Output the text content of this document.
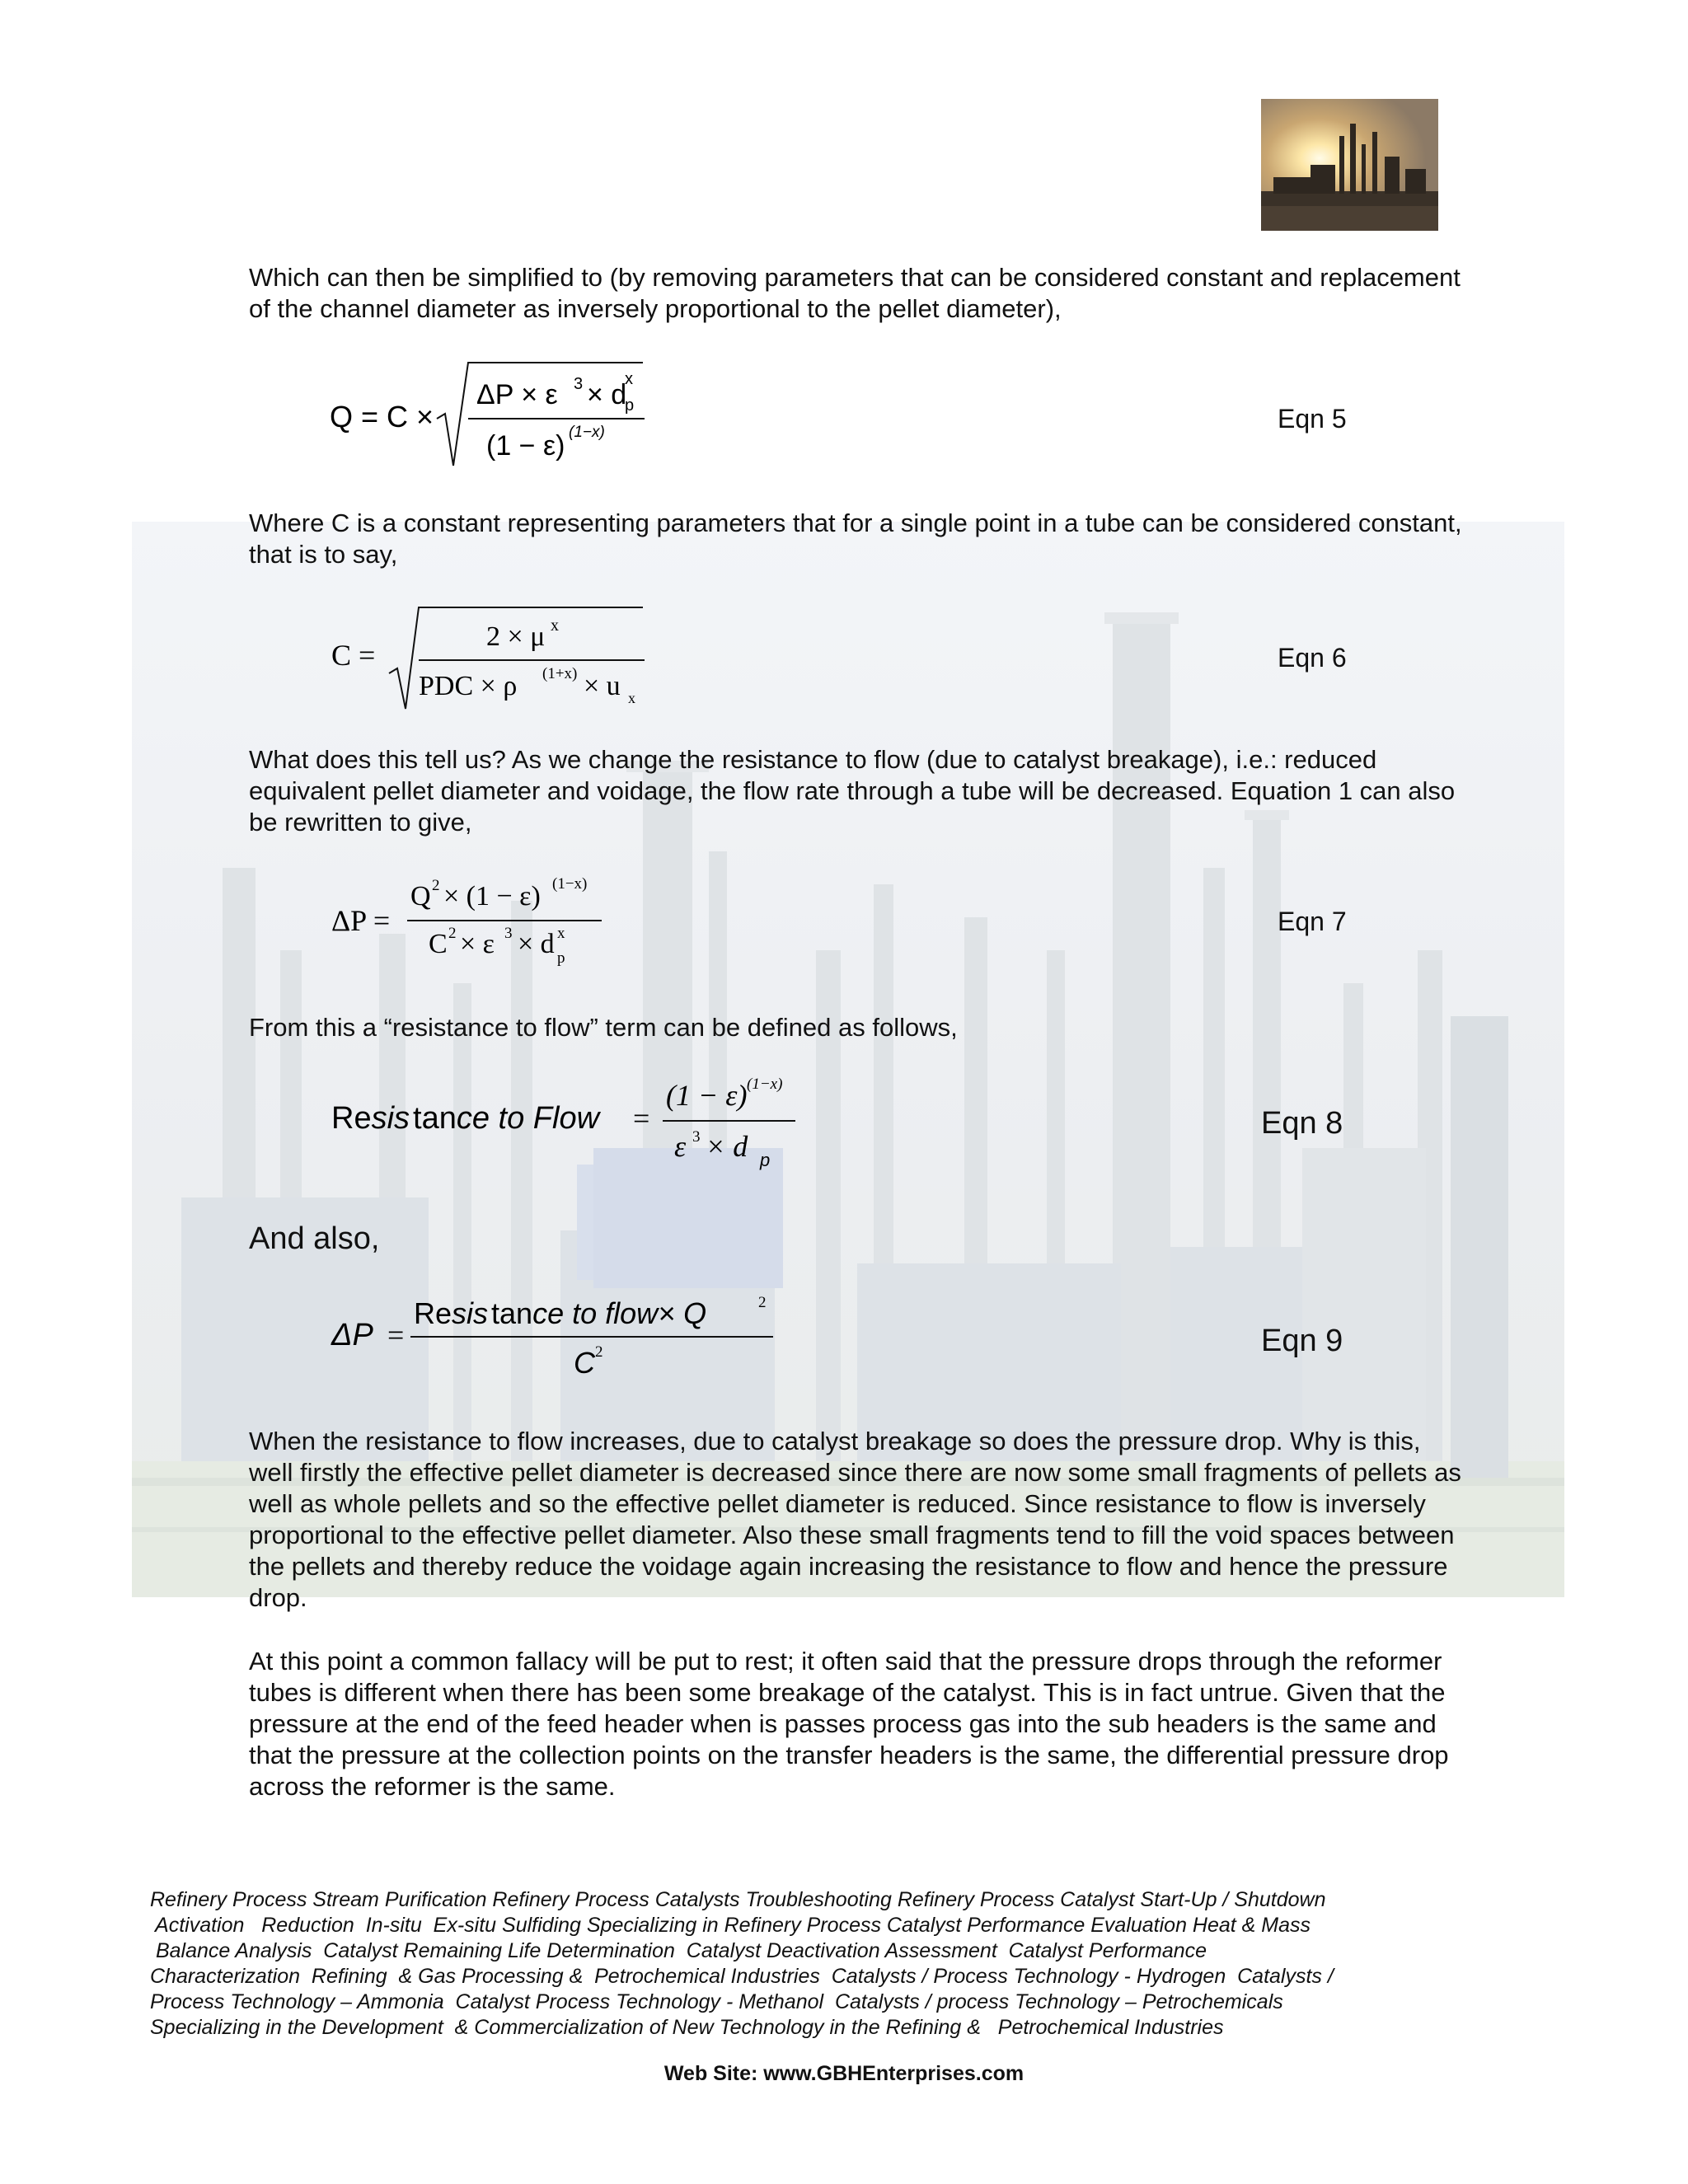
Which can then be simplified to (by removing parameters that can be considered constant and replacement of the channel diameter as inversely proportional to the pellet diameter),

Q = C ×
ΔP × ε 3 × d
x
p
(1 − ε) (1−x)	Eqn 5

Where C is a constant representing parameters that for a single point in a tube can be considered constant, that is to say,

C =
2 × μ x
PDC × ρ (1+x) × u x
Eqn 6

What does this tell us? As we change the resistance to flow (due to catalyst breakage), i.e.: reduced equivalent pellet diameter and voidage, the flow rate through a tube will be decreased. Equation 1 can also be rewritten to give,

ΔP =
Q 2 × (1 − ε) (1−x)
C 2 × ε 3 × d x
p
Eqn 7

From this a “resistance to flow” term can be defined as follows,

Resis tance to Flow =
(1 − ε) (1−x)
ε 3 × d p
Eqn 8

And also,

ΔP =
Resis tance to flow× Q	2
C 2	Eqn 9

When the resistance to flow increases, due to catalyst breakage so does the pressure drop. Why is this, well firstly the effective pellet diameter is decreased since there are now some small fragments of pellets as well as whole pellets and so the effective pellet diameter is reduced. Since resistance to flow is inversely proportional to the effective pellet diameter. Also these small fragments tend to fill the void spaces between the pellets and thereby reduce the voidage again increasing the resistance to flow and hence the pressure drop.

At this point a common fallacy will be put to rest; it often said that the pressure drops through the reformer tubes is different when there has been some breakage of the catalyst. This is in fact untrue. Given that the pressure at the end of the feed header when is passes process gas into the sub headers is the same and that the pressure at the collection points on the transfer headers is the same, the differential pressure drop across the reformer is the same.

Refinery Process Stream Purification Refinery Process Catalysts Troubleshooting Refinery Process Catalyst Start-Up / Shutdown
Activation   Reduction  In-situ  Ex-situ Sulfiding Specializing in Refinery Process Catalyst Performance Evaluation Heat & Mass
Balance Analysis  Catalyst Remaining Life Determination  Catalyst Deactivation Assessment  Catalyst Performance
Characterization  Refining  & Gas Processing &  Petrochemical Industries  Catalysts / Process Technology - Hydrogen  Catalysts /
Process Technology – Ammonia  Catalyst Process Technology - Methanol  Catalysts / process Technology – Petrochemicals
Specializing in the Development  & Commercialization of New Technology in the Refining &   Petrochemical Industries
Web Site: www.GBHEnterprises.com
